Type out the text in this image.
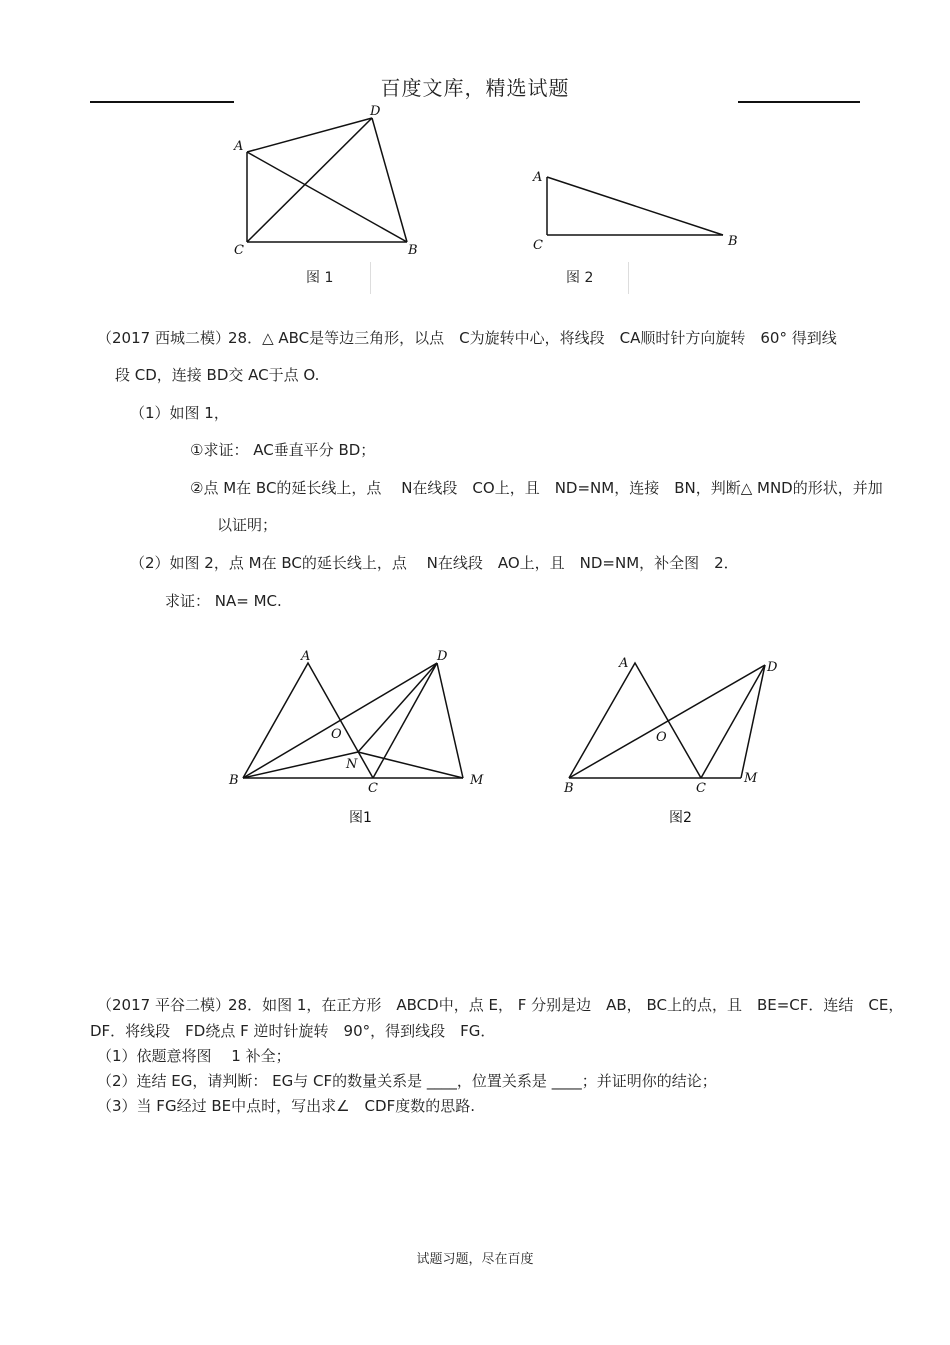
百度文库，精选试题
A
D
C	B
图 1
A
C	B
图 2
（2017 西城二模）
28．△ ABC是等边三角形，以点　C为旋转中心，将线段　CA顺时针方向旋转　60° 得到线
段 CD，连接 BD交 AC于点 O.
（1）如图 1，
①求证： AC垂直平分 BD；
②点 M在 BC的延长线上，点　 N在线段　CO上，且　ND=NM，连接　BN，判断△ MND的形状，并加
以证明；
（2）如图 2，点 M在 BC的延长线上，点　 N在线段　AO上，且　ND=NM，补全图　2．
求证： NA= MC.
A	D
O
N
B
C
M
图1
A	D
O
B	C
M
图2
（2017 平谷二模）
28．如图 1，在正方形　ABCD中，点 E， F 分别是边　AB， BC上的点，且　BE=CF．连结　CE，
DF．将线段　FD绕点 F 逆时针旋转　90°，得到线段　FG．
（1）依题意将图　 1 补全；
（2）连结 EG，请判断： EG与 CF的数量关系是 ____，位置关系是 ____；并证明你的结论；
（3）当 FG经过 BE中点时，写出求∠　CDF度数的思路.
试题习题，尽在百度
